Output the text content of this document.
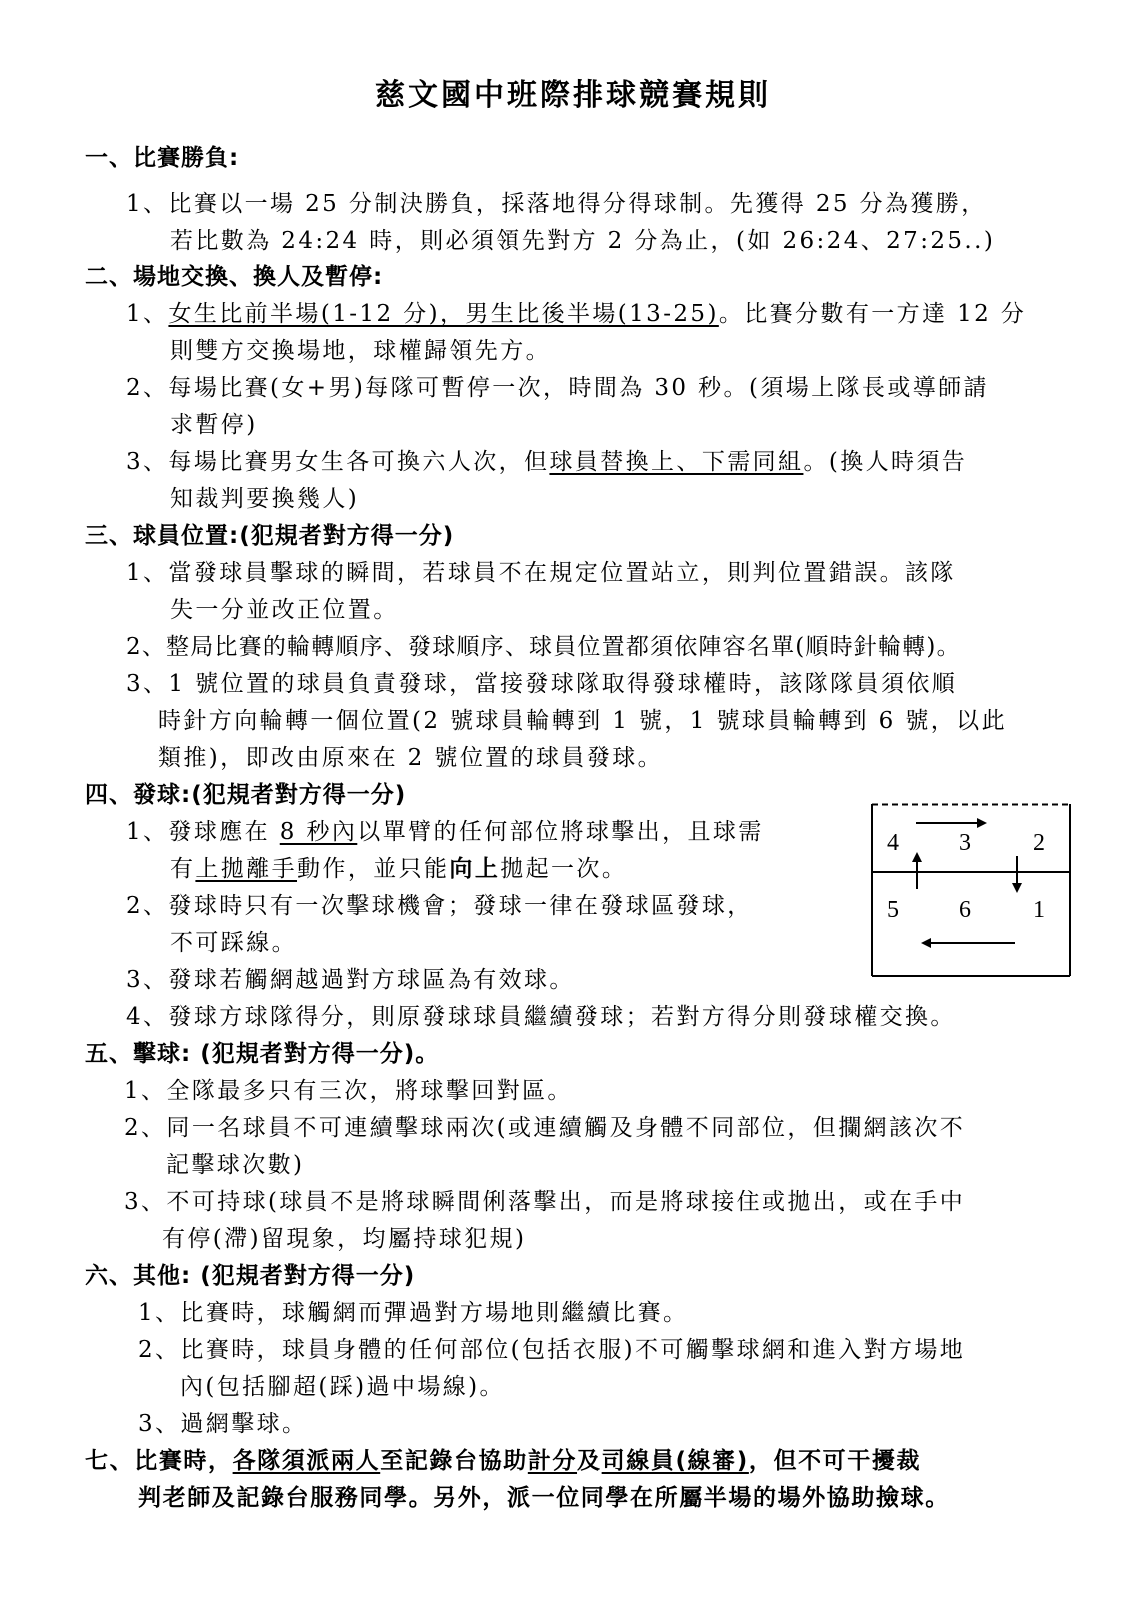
慈文國中班際排球競賽規則
一、比賽勝負:
1、比賽以一場 25 分制決勝負，採落地得分得球制。先獲得 25 分為獲勝，
若比數為 24:24 時，則必須領先對方 2 分為止，(如 26:24、27:25..)
二、場地交換、換人及暫停:
1、女生比前半場(1-12 分)，男生比後半場(13-25)。比賽分數有一方達 12 分
則雙方交換場地，球權歸領先方。
2、每場比賽(女+男)每隊可暫停一次，時間為 30 秒。(須場上隊長或導師請
求暫停)
3、每場比賽男女生各可換六人次，但球員替換上、下需同組。(換人時須告
知裁判要換幾人)
三、球員位置:(犯規者對方得一分)
1、當發球員擊球的瞬間，若球員不在規定位置站立，則判位置錯誤。該隊
失一分並改正位置。
2、整局比賽的輪轉順序、發球順序、球員位置都須依陣容名單(順時針輪轉)。
3、1 號位置的球員負責發球，當接發球隊取得發球權時，該隊隊員須依順
時針方向輪轉一個位置(2 號球員輪轉到 1 號，1 號球員輪轉到 6 號，以此
類推)，即改由原來在 2 號位置的球員發球。
四、發球:(犯規者對方得一分)
1、發球應在 8 秒內以單臂的任何部位將球擊出，且球需
有上拋離手動作，並只能向上拋起一次。
2、發球時只有一次擊球機會；發球一律在發球區發球，
不可踩線。
3、發球若觸網越過對方球區為有效球。
4、發球方球隊得分，則原發球球員繼續發球；若對方得分則發球權交換。
4	3	2
5	6	1
五、擊球: (犯規者對方得一分)。
1、全隊最多只有三次，將球擊回對區。
2、同一名球員不可連續擊球兩次(或連續觸及身體不同部位，但攔網該次不
記擊球次數)
3、不可持球(球員不是將球瞬間俐落擊出，而是將球接住或拋出，或在手中
有停(滯)留現象，均屬持球犯規)
六、其他: (犯規者對方得一分)
1、比賽時，球觸網而彈過對方場地則繼續比賽。
2、比賽時，球員身體的任何部位(包括衣服)不可觸擊球網和進入對方場地
內(包括腳超(踩)過中場線)。
3、過網擊球。
七、比賽時，各隊須派兩人至記錄台協助計分及司線員(線審)，但不可干擾裁
判老師及記錄台服務同學。另外，派一位同學在所屬半場的場外協助撿球。
